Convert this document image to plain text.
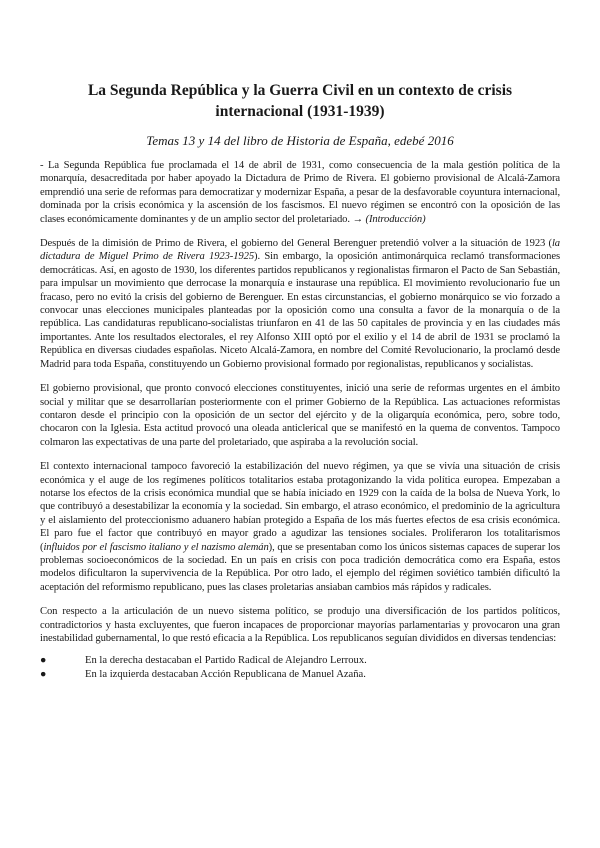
La Segunda República y la Guerra Civil en un contexto de crisis internacional (1931-1939)
Temas 13 y 14 del libro de Historia de España, edebé 2016

- La Segunda República fue proclamada el 14 de abril de 1931, como consecuencia de la mala gestión política de la monarquía, desacreditada por haber apoyado la Dictadura de Primo de Rivera. El gobierno provisional de Alcalá-Zamora emprendió una serie de reformas para democratizar y modernizar España, a pesar de la desfavorable coyuntura internacional, dominada por la crisis económica y la ascensión de los fascismos. El nuevo régimen se encontró con la oposición de las clases económicamente dominantes y de un amplio sector del proletariado. → (Introducción)

Después de la dimisión de Primo de Rivera, el gobierno del General Berenguer pretendió volver a la situación de 1923 (la dictadura de Miguel Primo de Rivera 1923-1925). Sin embargo, la oposición antimonárquica reclamó transformaciones democráticas. Así, en agosto de 1930, los diferentes partidos republicanos y regionalistas firmaron el Pacto de San Sebastián, para impulsar un movimiento que derrocase la monarquía e instaurase una república. El movimiento revolucionario fue un fracaso, pero no evitó la crisis del gobierno de Berenguer. En estas circunstancias, el gobierno monárquico se vio forzado a convocar unas elecciones municipales planteadas por la oposición como una consulta a favor de la monarquía o de la república. Las candidaturas republicano-socialistas triunfaron en 41 de las 50 capitales de provincia y en las ciudades más importantes. Ante los resultados electorales, el rey Alfonso XIII optó por el exilio y el 14 de abril de 1931 se proclamó la República en diversas ciudades españolas. Niceto Alcalá-Zamora, en nombre del Comité Revolucionario, la proclamó desde Madrid para toda España, constituyendo un Gobierno provisional formado por regionalistas, republicanos y socialistas.

El gobierno provisional, que pronto convocó elecciones constituyentes, inició una serie de reformas urgentes en el ámbito social y militar que se desarrollarían posteriormente con el primer Gobierno de la República. Las actuaciones reformistas contaron desde el principio con la oposición de un sector del ejército y de la oligarquía económica, pero, sobre todo, chocaron con la Iglesia. Esta actitud provocó una oleada anticlerical que se manifestó en la quema de conventos. Tampoco colmaron las expectativas de una parte del proletariado, que aspiraba a la revolución social.

El contexto internacional tampoco favoreció la estabilización del nuevo régimen, ya que se vivía una situación de crisis económica y el auge de los regímenes políticos totalitarios estaba protagonizando la vida política europea. Empezaban a notarse los efectos de la crisis económica mundial que se había iniciado en 1929 con la caída de la bolsa de Nueva York, lo que contribuyó a desestabilizar la economía y la sociedad. Sin embargo, el atraso económico, el predominio de la agricultura y el aislamiento del proteccionismo aduanero habían protegido a España de los más fuertes efectos de esa crisis económica. El paro fue el factor que contribuyó en mayor grado a agudizar las tensiones sociales. Proliferaron los totalitarismos (influidos por el fascismo italiano y el nazismo alemán), que se presentaban como los únicos sistemas capaces de superar los problemas socioeconómicos de la sociedad. En un país en crisis con poca tradición democrática como era España, estos modelos dificultaron la supervivencia de la República. Por otro lado, el ejemplo del régimen soviético también dificultó la aceptación del reformismo republicano, pues las clases proletarias ansiaban cambios más rápidos y radicales.

Con respecto a la articulación de un nuevo sistema político, se produjo una diversificación de los partidos políticos, contradictorios y hasta excluyentes, que fueron incapaces de proporcionar mayorías parlamentarias y provocaron una gran inestabilidad gubernamental, lo que restó eficacia a la República. Los republicanos seguían divididos en diversas tendencias:

●	En la derecha destacaban el Partido Radical de Alejandro Lerroux.
●	En la izquierda destacaban Acción Republicana de Manuel Azaña.
